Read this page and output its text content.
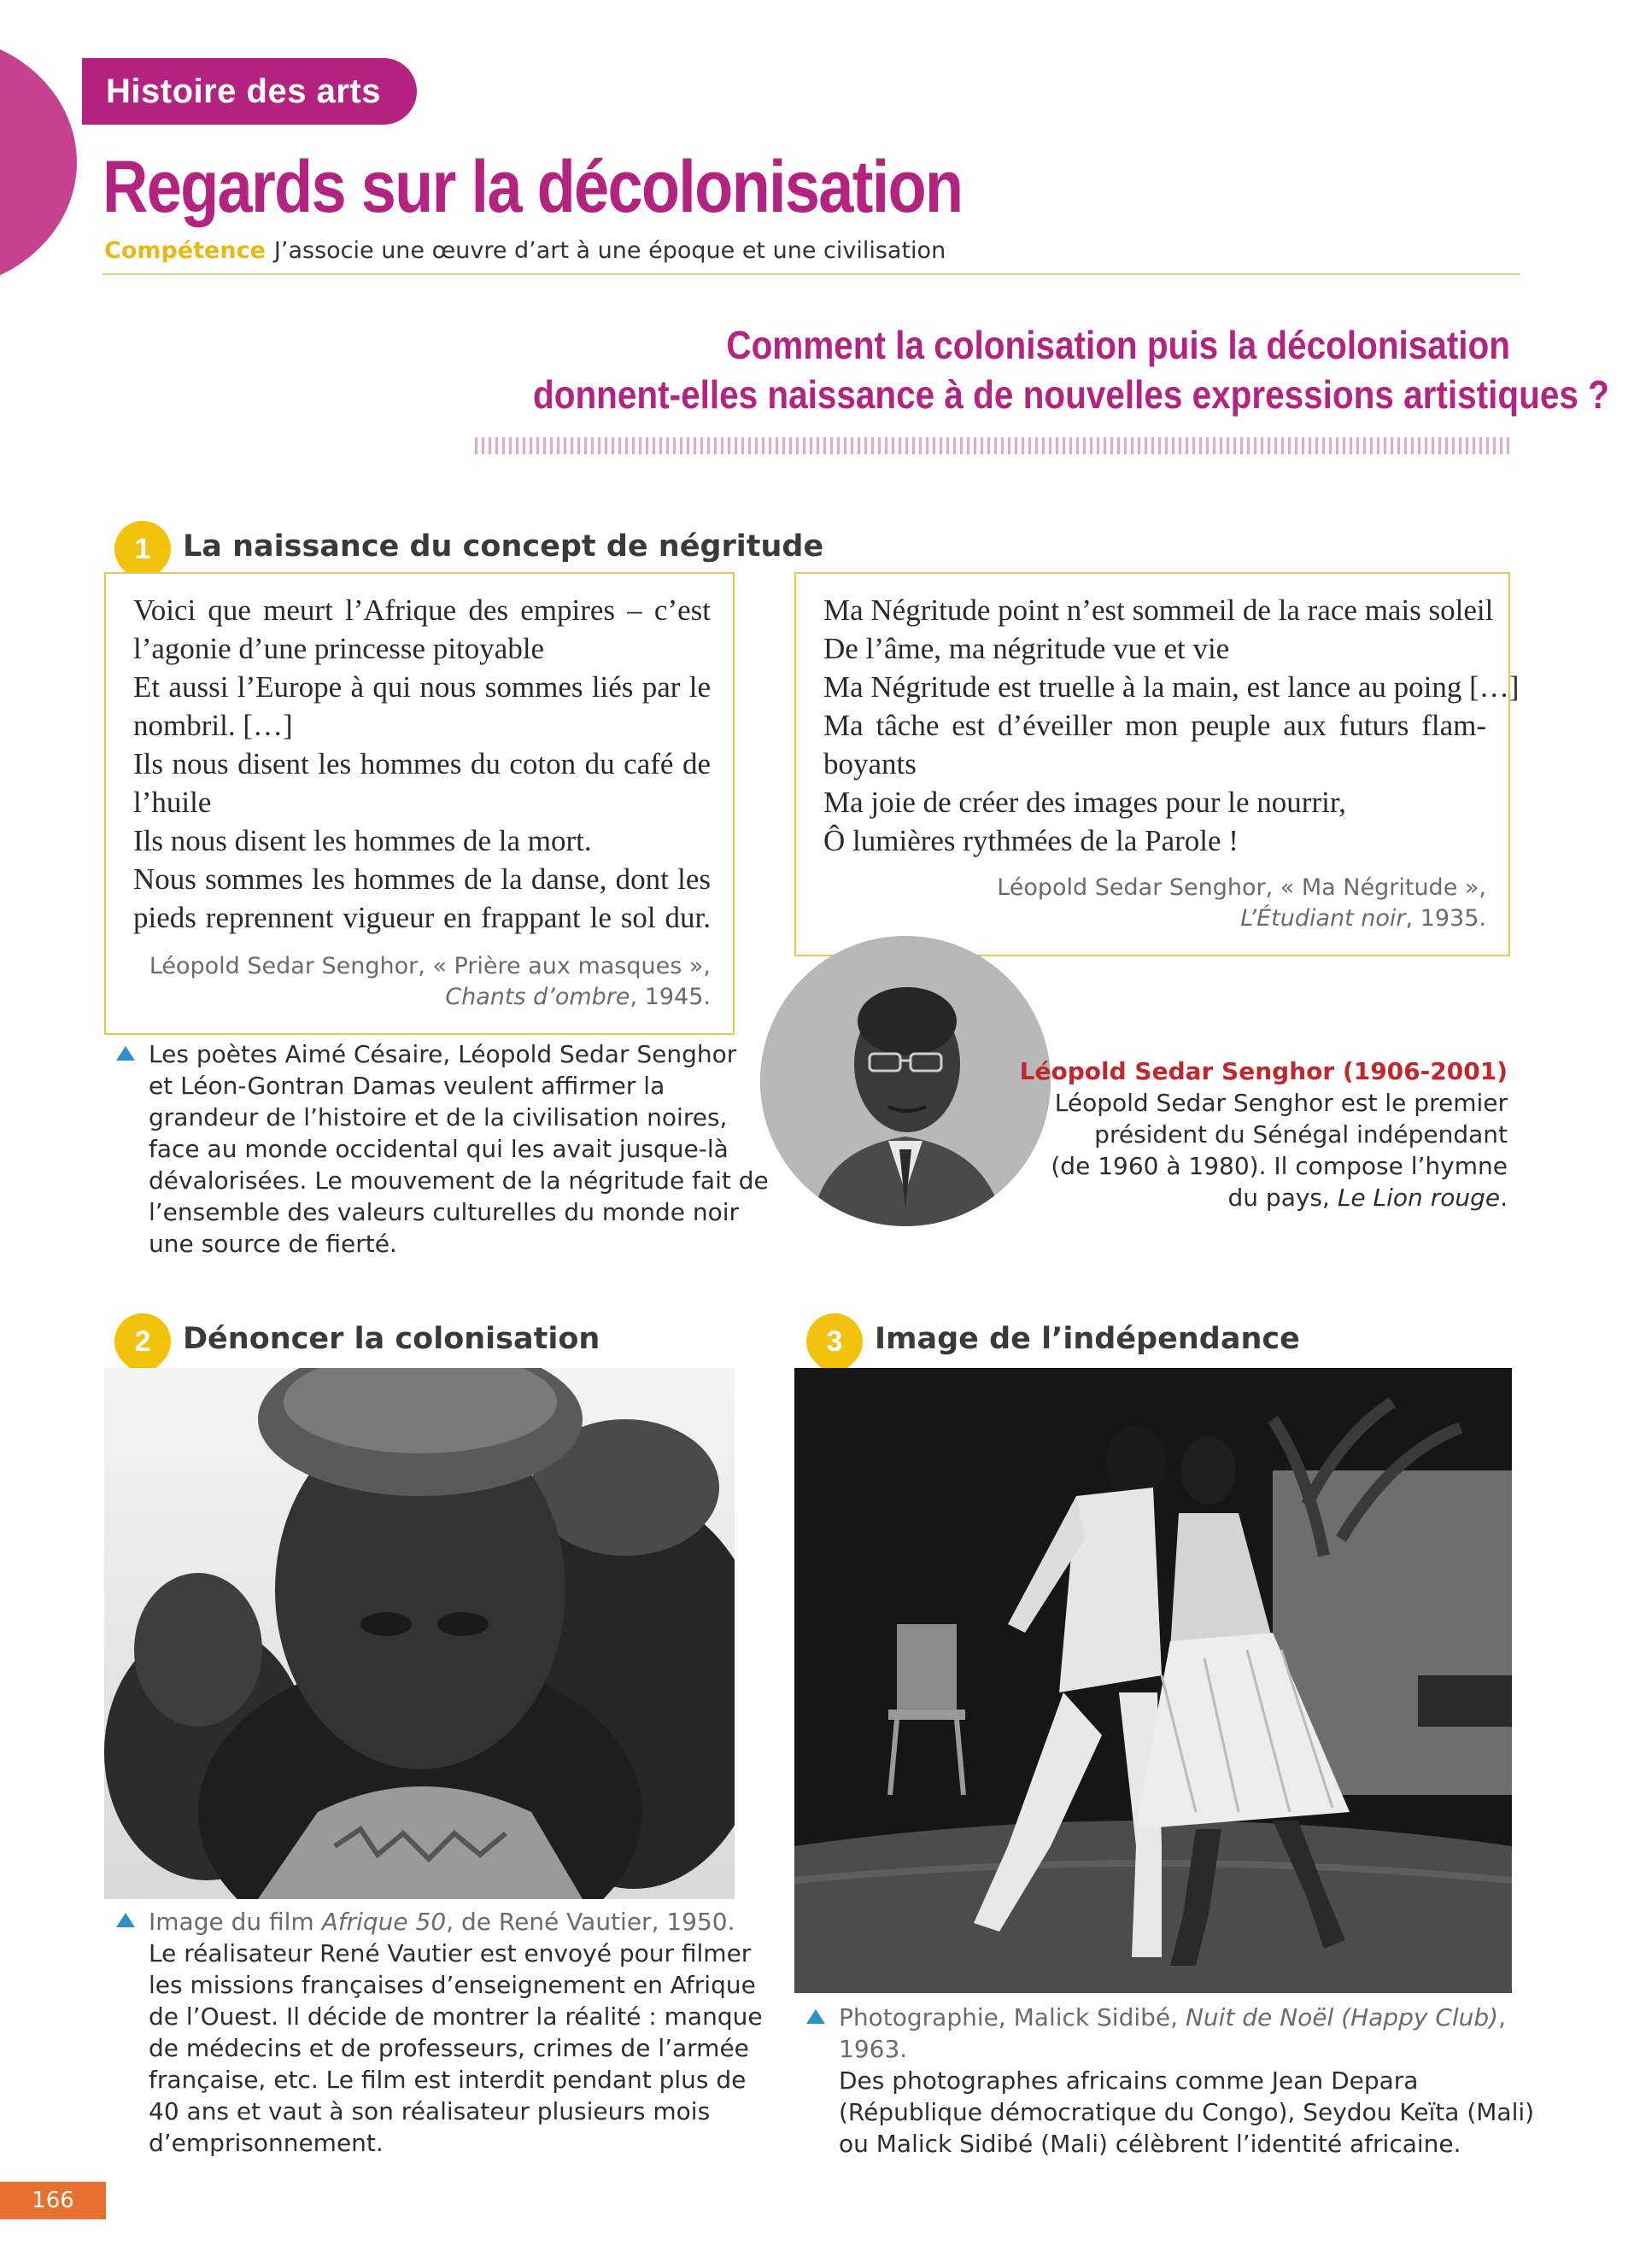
Histoire des arts
Regards sur la décolonisation
Compétence J’associe une œuvre d’art à une époque et une civilisation
Comment la colonisation puis la décolonisation
donnent-elles naissance à de nouvelles expressions artistiques ?
1	La naissance du concept de négritude
Voici que meurt l’Afrique des empires – c’est
l’agonie d’une princesse pitoyable
Et aussi l’Europe à qui nous sommes liés par le
nombril. […]
Ils nous disent les hommes du coton du café de
l’huile
Ils nous disent les hommes de la mort.
Nous sommes les hommes de la danse, dont les
pieds reprennent vigueur en frappant le sol dur.
Léopold Sedar Senghor, « Prière aux masques »,
Chants d’ombre, 1945.
Ma Négritude point n’est sommeil de la race mais soleil
De l’âme, ma négritude vue et vie
Ma Négritude est truelle à la main, est lance au poing […]
Ma tâche est d’éveiller mon peuple aux futurs flam-
boyants
Ma joie de créer des images pour le nourrir,
Ô lumières rythmées de la Parole !
Léopold Sedar Senghor, « Ma Négritude »,
L’Étudiant noir, 1935.
Les poètes Aimé Césaire, Léopold Sedar Senghor
et Léon-Gontran Damas veulent affirmer la
grandeur de l’histoire et de la civilisation noires,
face au monde occidental qui les avait jusque-là
dévalorisées. Le mouvement de la négritude fait de
l’ensemble des valeurs culturelles du monde noir
une source de fierté.
Léopold Sedar Senghor (1906-2001)
Léopold Sedar Senghor est le premier
président du Sénégal indépendant
(de 1960 à 1980). Il compose l’hymne
du pays, Le Lion rouge.
2	Dénoncer la colonisation
Image du film Afrique 50, de René Vautier, 1950.
Le réalisateur René Vautier est envoyé pour filmer
les missions françaises d’enseignement en Afrique
de l’Ouest. Il décide de montrer la réalité : manque
de médecins et de professeurs, crimes de l’armée
française, etc. Le film est interdit pendant plus de
40 ans et vaut à son réalisateur plusieurs mois
d’emprisonnement.
3	Image de l’indépendance
Photographie, Malick Sidibé, Nuit de Noël (Happy Club),
1963.
Des photographes africains comme Jean Depara
(République démocratique du Congo), Seydou Keïta (Mali)
ou Malick Sidibé (Mali) célèbrent l’identité africaine.
166
